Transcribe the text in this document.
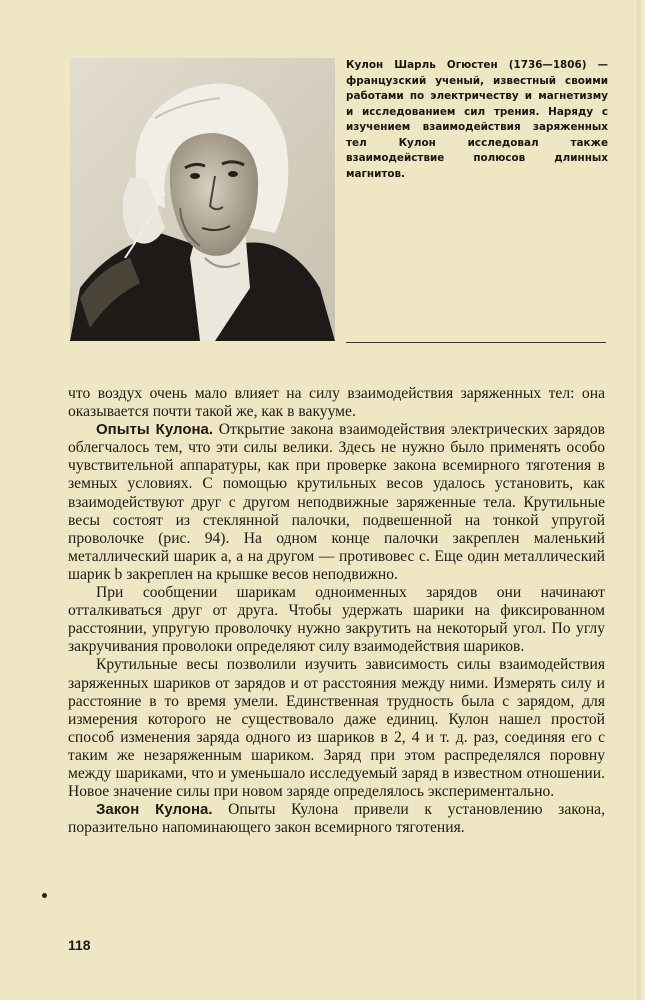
Кулон Шарль Огюстен (1736—1806) — французский ученый, известный своими работами по электричеству и магнетизму и исследованием сил трения. Наряду с изучением взаимодействия заряженных тел Кулон исследовал также взаимодействие полюсов длинных магнитов.

что воздух очень мало влияет на силу взаимодействия заряженных тел: она оказывается почти такой же, как в вакууме.

Опыты Кулона. Открытие закона взаимодействия электрических зарядов облегчалось тем, что эти силы велики. Здесь не нужно было применять особо чувствительной аппаратуры, как при проверке закона всемирного тяготения в земных условиях. С помощью крутильных весов удалось установить, как взаимодействуют друг с другом неподвижные заряженные тела. Крутильные весы состоят из стеклянной палочки, подвешенной на тонкой упругой проволочке (рис. 94). На одном конце палочки закреплен маленький металлический шарик a, а на другом — противовес c. Еще один металлический шарик b закреплен на крышке весов неподвижно.

При сообщении шарикам одноименных зарядов они начинают отталкиваться друг от друга. Чтобы удержать шарики на фиксированном расстоянии, упругую проволочку нужно закрутить на некоторый угол. По углу закручивания проволоки определяют силу взаимодействия шариков.

Крутильные весы позволили изучить зависимость силы взаимодействия заряженных шариков от зарядов и от расстояния между ними. Измерять силу и расстояние в то время умели. Единственная трудность была с зарядом, для измерения которого не существовало даже единиц. Кулон нашел простой способ изменения заряда одного из шариков в 2, 4 и т. д. раз, соединяя его с таким же незаряженным шариком. Заряд при этом распределялся поровну между шариками, что и уменьшало исследуемый заряд в известном отношении. Новое значение силы при новом заряде определялось экспериментально.

Закон Кулона. Опыты Кулона привели к установлению закона, поразительно напоминающего закон всемирного тяготения.

118
